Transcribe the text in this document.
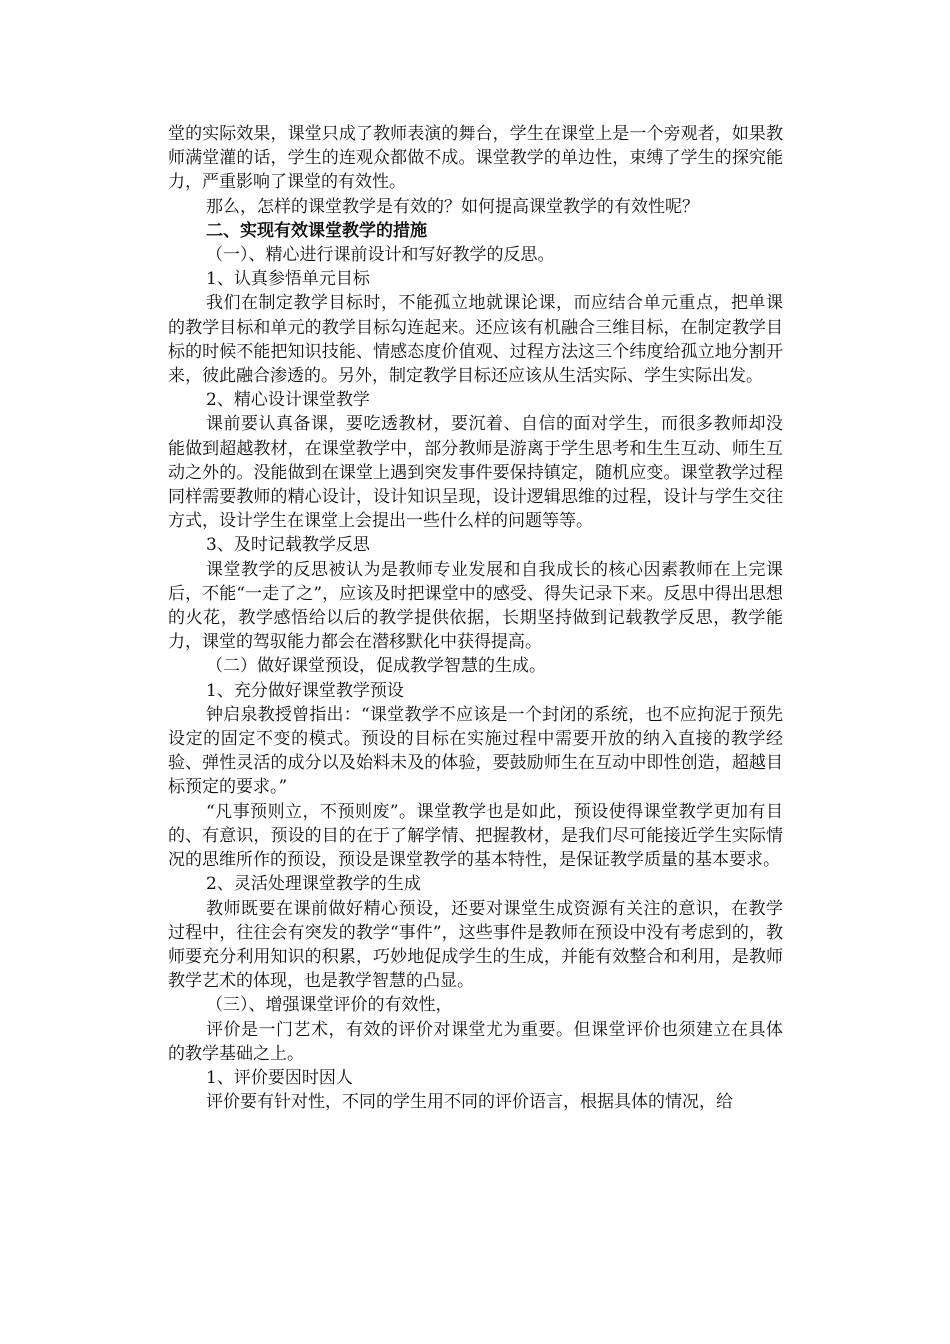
堂的实际效果，课堂只成了教师表演的舞台，学生在课堂上是一个旁观者，如果教师满堂灌的话，学生的连观众都做不成。课堂教学的单边性，束缚了学生的探究能力，严重影响了课堂的有效性。

那么，怎样的课堂教学是有效的？如何提高课堂教学的有效性呢？

二、实现有效课堂教学的措施

（一）、精心进行课前设计和写好教学的反思。

1、认真参悟单元目标

我们在制定教学目标时，不能孤立地就课论课，而应结合单元重点，把单课的教学目标和单元的教学目标勾连起来。还应该有机融合三维目标，在制定教学目标的时候不能把知识技能、情感态度价值观、过程方法这三个纬度给孤立地分割开来，彼此融合渗透的。另外，制定教学目标还应该从生活实际、学生实际出发。

2、精心设计课堂教学

课前要认真备课，要吃透教材，要沉着、自信的面对学生，而很多教师却没能做到超越教材，在课堂教学中，部分教师是游离于学生思考和生生互动、师生互动之外的。没能做到在课堂上遇到突发事件要保持镇定，随机应变。课堂教学过程同样需要教师的精心设计，设计知识呈现，设计逻辑思维的过程，设计与学生交往方式，设计学生在课堂上会提出一些什么样的问题等等。

3、及时记载教学反思

课堂教学的反思被认为是教师专业发展和自我成长的核心因素教师在上完课后，不能“一走了之”，应该及时把课堂中的感受、得失记录下来。反思中得出思想的火花，教学感悟给以后的教学提供依据，长期坚持做到记载教学反思，教学能力，课堂的驾驭能力都会在潜移默化中获得提高。

（二）做好课堂预设，促成教学智慧的生成。

1、充分做好课堂教学预设

钟启泉教授曾指出：“课堂教学不应该是一个封闭的系统，也不应拘泥于预先设定的固定不变的模式。预设的目标在实施过程中需要开放的纳入直接的教学经验、弹性灵活的成分以及始料未及的体验，要鼓励师生在互动中即性创造，超越目标预定的要求。”

“凡事预则立，不预则废”。课堂教学也是如此，预设使得课堂教学更加有目的、有意识，预设的目的在于了解学情、把握教材，是我们尽可能接近学生实际情况的思维所作的预设，预设是课堂教学的基本特性，是保证教学质量的基本要求。

2、灵活处理课堂教学的生成

教师既要在课前做好精心预设，还要对课堂生成资源有关注的意识，在教学过程中，往往会有突发的教学“事件”，这些事件是教师在预设中没有考虑到的，教师要充分利用知识的积累，巧妙地促成学生的生成，并能有效整合和利用，是教师教学艺术的体现，也是教学智慧的凸显。

（三）、增强课堂评价的有效性，

评价是一门艺术，有效的评价对课堂尤为重要。但课堂评价也须建立在具体的教学基础之上。

1、评价要因时因人

评价要有针对性，不同的学生用不同的评价语言，根据具体的情况，给
